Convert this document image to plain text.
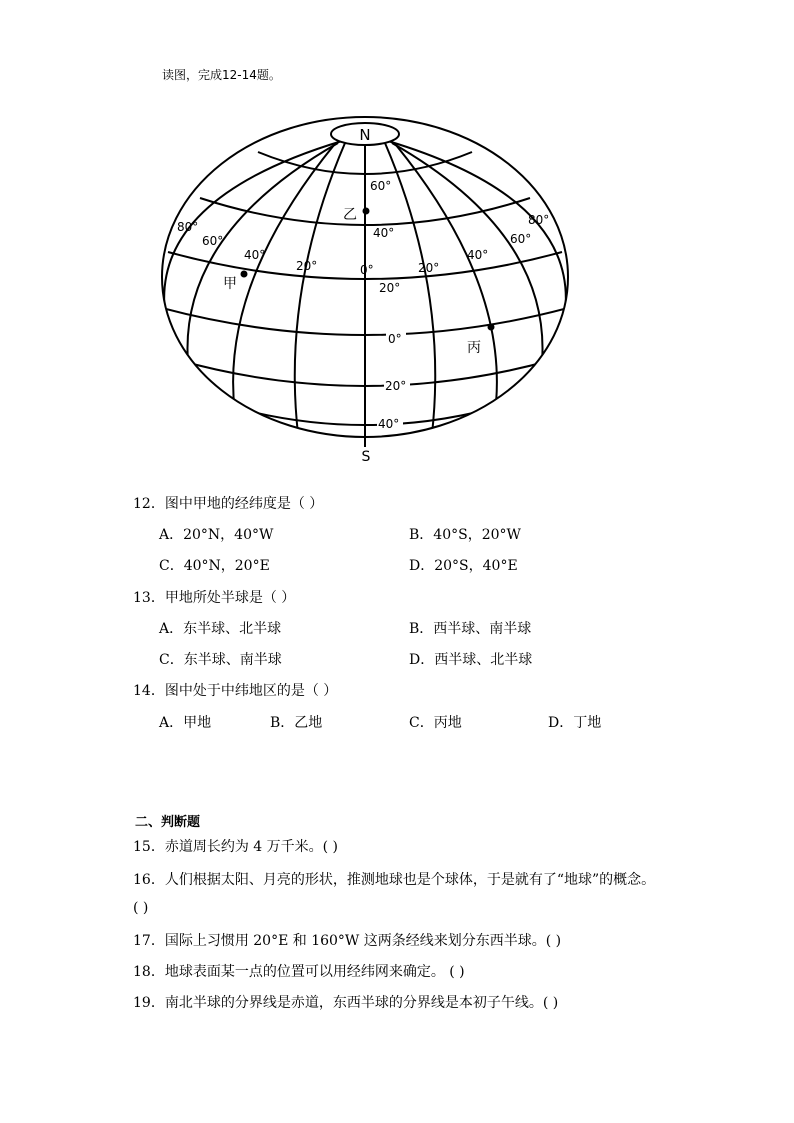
读图，完成12-14题。
N
S
80°
60°
40°
20°	0°	20°
40°
60°
80°
60°
40°
20°
0°
20°
40°
乙
甲
丙
12．图中甲地的经纬度是（ ）
A．20°N，40°W	B．40°S，20°W
C．40°N，20°E	D．20°S，40°E
13．甲地所处半球是（ ）
A．东半球、北半球	B．西半球、南半球
C．东半球、南半球	D．西半球、北半球
14．图中处于中纬地区的是（ ）
A．甲地	B．乙地	C．丙地	D．丁地
二、判断题
15．赤道周长约为 4 万千米。( )
16．人们根据太阳、月亮的形状，推测地球也是个球体，于是就有了“地球”的概念。
( )
17．国际上习惯用 20°E 和 160°W 这两条经线来划分东西半球。( )
18．地球表面某一点的位置可以用经纬网来确定。 ( )
19．南北半球的分界线是赤道，东西半球的分界线是本初子午线。( )
